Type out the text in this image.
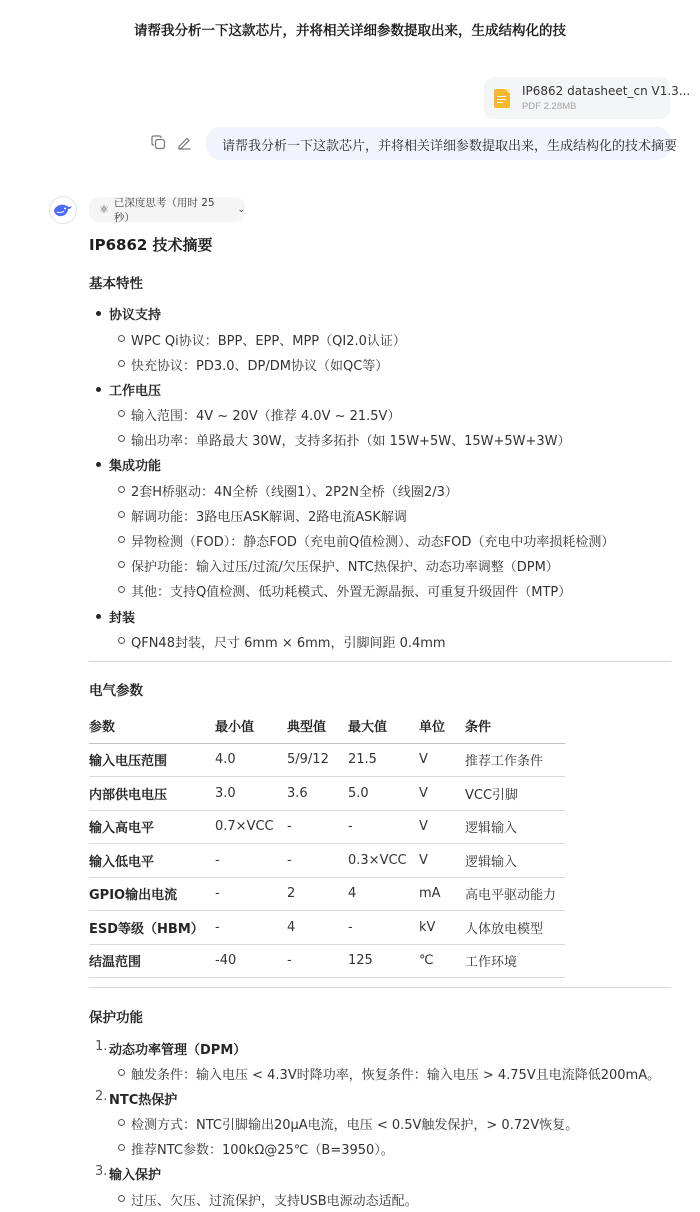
请帮我分析一下这款芯片，并将相关详细参数提取出来，生成结构化的技
IP6862 datasheet_cn V1.3...
PDF 2.28MB
请帮我分析一下这款芯片，并将相关详细参数提取出来，生成结构化的技术摘要
⚛
已深度思考（用时 25 秒）
⌄
IP6862 技术摘要
基本特性
协议支持
WPC Qi协议：BPP、EPP、MPP（QI2.0认证）
快充协议：PD3.0、DP/DM协议（如QC等）
工作电压
输入范围：4V ~ 20V（推荐 4.0V ~ 21.5V）
输出功率：单路最大 30W，支持多拓扑（如 15W+5W、15W+5W+3W）
集成功能
2套H桥驱动：4N全桥（线圈1）、2P2N全桥（线圈2/3）
解调功能：3路电压ASK解调、2路电流ASK解调
异物检测（FOD）：静态FOD（充电前Q值检测）、动态FOD（充电中功率损耗检测）
保护功能：输入过压/过流/欠压保护、NTC热保护、动态功率调整（DPM）
其他：支持Q值检测、低功耗模式、外置无源晶振、可重复升级固件（MTP）
封装
QFN48封装，尺寸 6mm × 6mm，引脚间距 0.4mm
电气参数
参数	最小值	典型值	最大值	单位	条件
输入电压范围	4.0	5/9/12	21.5	V	推荐工作条件
内部供电电压	3.0	3.6	5.0	V	VCC引脚
输入高电平	0.7×VCC	-	-	V	逻辑输入
输入低电平	-	-	0.3×VCC	V	逻辑输入
GPIO输出电流	-	2	4	mA	高电平驱动能力
ESD等级（HBM）	-	4	-	kV	人体放电模型
结温范围	-40	-	125	℃	工作环境
保护功能
1. 动态功率管理（DPM）
触发条件：输入电压 < 4.3V时降功率，恢复条件：输入电压 > 4.75V且电流降低200mA。
2. NTC热保护
检测方式：NTC引脚输出20μA电流，电压 < 0.5V触发保护，> 0.72V恢复。
推荐NTC参数：100kΩ@25℃（B=3950）。
3. 输入保护
过压、欠压、过流保护，支持USB电源动态适配。
